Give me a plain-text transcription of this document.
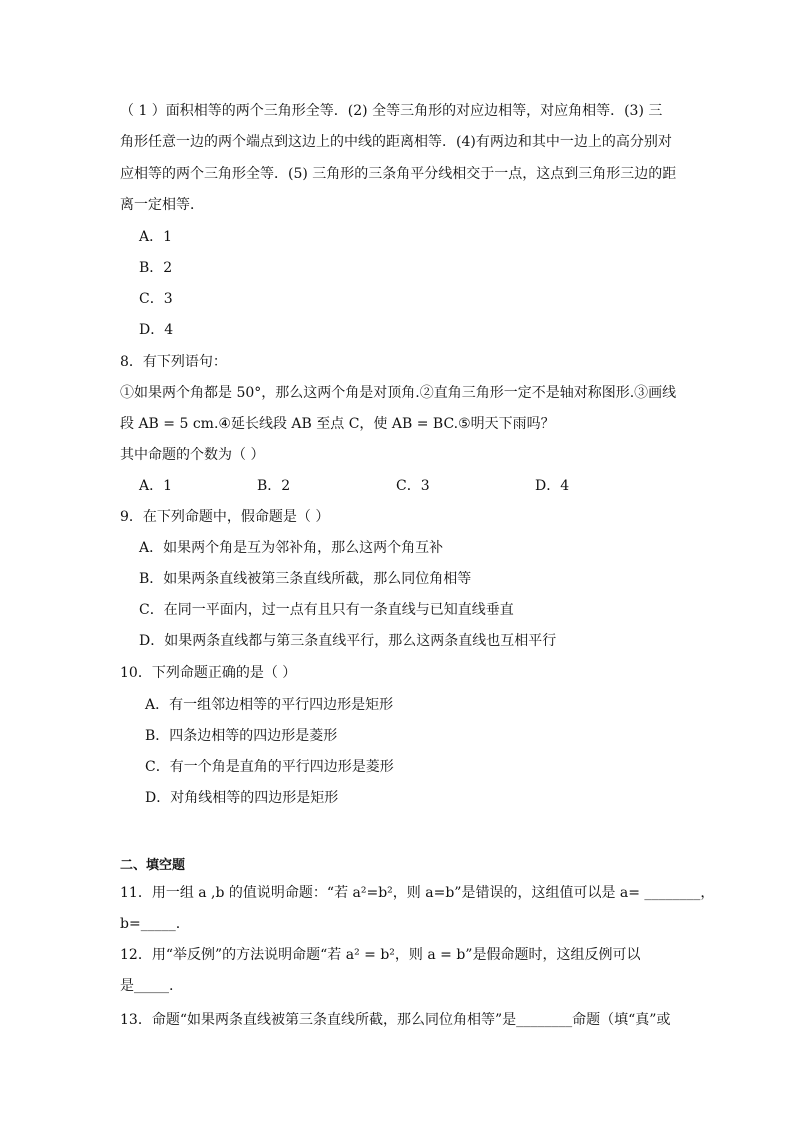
（ 1 ）面积相等的两个三角形全等．(2) 全等三角形的对应边相等，对应角相等．(3) 三
角形任意一边的两个端点到这边上的中线的距离相等．(4)有两边和其中一边上的高分别对
应相等的两个三角形全等．(5) 三角形的三条角平分线相交于一点，这点到三角形三边的距
离一定相等．
A．1
B．2
C．3
D．4
8．有下列语句：
①如果两个角都是 50°，那么这两个角是对顶角.②直角三角形一定不是轴对称图形.③画线
段 AB = 5 cm.④延长线段 AB 至点 C，使 AB = BC.⑤明天下雨吗？
其中命题的个数为（ ）
A．1	B．2	C．3	D．4
9．在下列命题中，假命题是（ ）
A．如果两个角是互为邻补角，那么这两个角互补
B．如果两条直线被第三条直线所截，那么同位角相等
C．在同一平面内，过一点有且只有一条直线与已知直线垂直
D．如果两条直线都与第三条直线平行，那么这两条直线也互相平行
10．下列命题正确的是（ ）
A．有一组邻边相等的平行四边形是矩形
B．四条边相等的四边形是菱形
C．有一个角是直角的平行四边形是菱形
D．对角线相等的四边形是矩形
二、填空题
11．用一组 a ,b 的值说明命题：“若 a²=b²，则 a=b”是错误的，这组值可以是 a= ________，
b=_____.
12．用“举反例”的方法说明命题“若 a² = b²，则 a = b”是假命题时，这组反例可以
是_____.
13．命题“如果两条直线被第三条直线所截，那么同位角相等”是________命题（填“真”或
